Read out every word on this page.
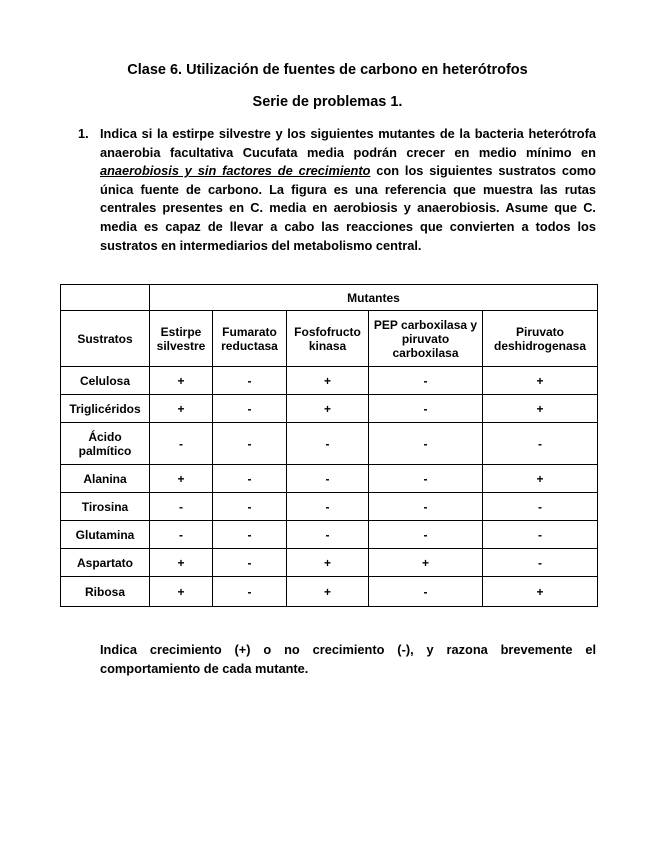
Clase 6. Utilización de fuentes de carbono en heterótrofos
Serie de problemas 1.
1. Indica si la estirpe silvestre y los siguientes mutantes de la bacteria heterótrofa anaerobia facultativa Cucufata media podrán crecer en medio mínimo en anaerobiosis y sin factores de crecimiento con los siguientes sustratos como única fuente de carbono. La figura es una referencia que muestra las rutas centrales presentes en C. media en aerobiosis y anaerobiosis. Asume que C. media es capaz de llevar a cabo las reacciones que convierten a todos los sustratos en intermediarios del metabolismo central.
	Mutantes				
Sustratos	Estirpe silvestre	Fumarato reductasa	Fosfofructo kinasa	PEP carboxilasa y piruvato carboxilasa	Piruvato deshidrogenasa
Celulosa	+	-	+	-	+
Triglicéridos	+	-	+	-	+
Ácido palmítico	-	-	-	-	-
Alanina	+	-	-	-	+
Tirosina	-	-	-	-	-
Glutamina	-	-	-	-	-
Aspartato	+	-	+	+	-
Ribosa	+	-	+	-	+
Indica crecimiento (+) o no crecimiento (-), y razona brevemente el comportamiento de cada mutante.
